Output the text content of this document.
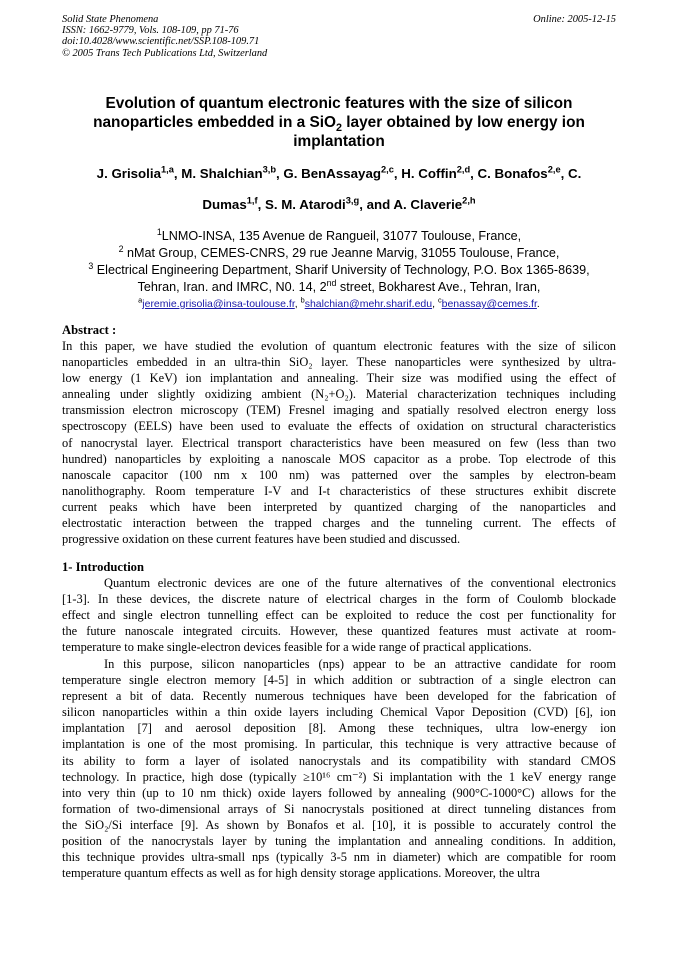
Solid State Phenomena
ISSN: 1662-9779, Vols. 108-109, pp 71-76
doi:10.4028/www.scientific.net/SSP.108-109.71
© 2005 Trans Tech Publications Ltd, Switzerland
Online: 2005-12-15
Evolution of quantum electronic features with the size of silicon
nanoparticles embedded in a SiO$_2$ layer obtained by low energy ion
implantation
J. Grisolia$^{1,a}$, M. Shalchian$^{3,b}$, G. BenAssayag$^{2,c}$, H. Coffin$^{2,d}$, C. Bonafos$^{2,e}$, C.
Dumas$^{1,f}$, S. M. Atarodi$^{3,g}$, and A. Claverie$^{2,h}$
$^1$LNMO-INSA, 135 Avenue de Rangueil, 31077 Toulouse, France,
$^2$ nMat Group, CEMES-CNRS, 29 rue Jeanne Marvig, 31055 Toulouse, France,
$^3$ Electrical Engineering Department, Sharif University of Technology, P.O. Box 1365-8639,
Tehran, Iran. and IMRC, N0. 14, 2nd street, Bokharest Ave., Tehran, Iran,
$^a$jeremie.grisolia@insa-toulouse.fr, $^b$shalchian@mehr.sharif.edu, $^c$benassay@cemes.fr.
Abstract :
In this paper, we have studied the evolution of quantum electronic features with the size of silicon
nanoparticles embedded in an ultra-thin SiO₂ layer. These nanoparticles were synthesized by ultra-
low energy (1 KeV) ion implantation and annealing. Their size was modified using the effect of
annealing under slightly oxidizing ambient (N₂+O₂). Material characterization techniques including
transmission electron microscopy (TEM) Fresnel imaging and spatially resolved electron energy loss
spectroscopy (EELS) have been used to evaluate the effects of oxidation on structural characteristics
of nanocrystal layer. Electrical transport characteristics have been measured on few (less than two
hundred) nanoparticles by exploiting a nanoscale MOS capacitor as a probe. Top electrode of this
nanoscale capacitor (100 nm x 100 nm) was patterned over the samples by electron-beam
nanolithography. Room temperature I-V and I-t characteristics of these structures exhibit discrete
current peaks which have been interpreted by quantized charging of the nanoparticles and
electrostatic interaction between the trapped charges and the tunneling current. The effects of
progressive oxidation on these current features have been studied and discussed.
1- Introduction
Quantum electronic devices are one of the future alternatives of the conventional electronics
[1-3]. In these devices, the discrete nature of electrical charges in the form of Coulomb blockade
effect and single electron tunnelling effect can be exploited to reduce the cost per functionality for
the future nanoscale integrated circuits. However, these quantized features must activate at room-
temperature to make single-electron devices feasible for a wide range of practical applications.
In this purpose, silicon nanoparticles (nps) appear to be an attractive candidate for room
temperature single electron memory [4-5] in which addition or subtraction of a single electron can
represent a bit of data. Recently numerous techniques have been developed for the fabrication of
silicon nanoparticles within a thin oxide layers including Chemical Vapor Deposition (CVD) [6], ion
implantation [7] and aerosol deposition [8]. Among these techniques, ultra low-energy ion
implantation is one of the most promising. In particular, this technique is very attractive because of
its ability to form a layer of isolated nanocrystals and its compatibility with standard CMOS
technology. In practice, high dose (typically ≥10¹⁶ cm⁻²) Si implantation with the 1 keV energy range
into very thin (up to 10 nm thick) oxide layers followed by annealing (900°C-1000°C) allows for the
formation of two-dimensional arrays of Si nanocrystals positioned at direct tunneling distances from
the SiO₂/Si interface [9]. As shown by Bonafos et al. [10], it is possible to accurately control the
position of the nanocrystals layer by tuning the implantation and annealing conditions. In addition,
this technique provides ultra-small nps (typically 3-5 nm in diameter) which are compatible for room
temperature quantum effects as well as for high density storage applications. Moreover, the ultra
